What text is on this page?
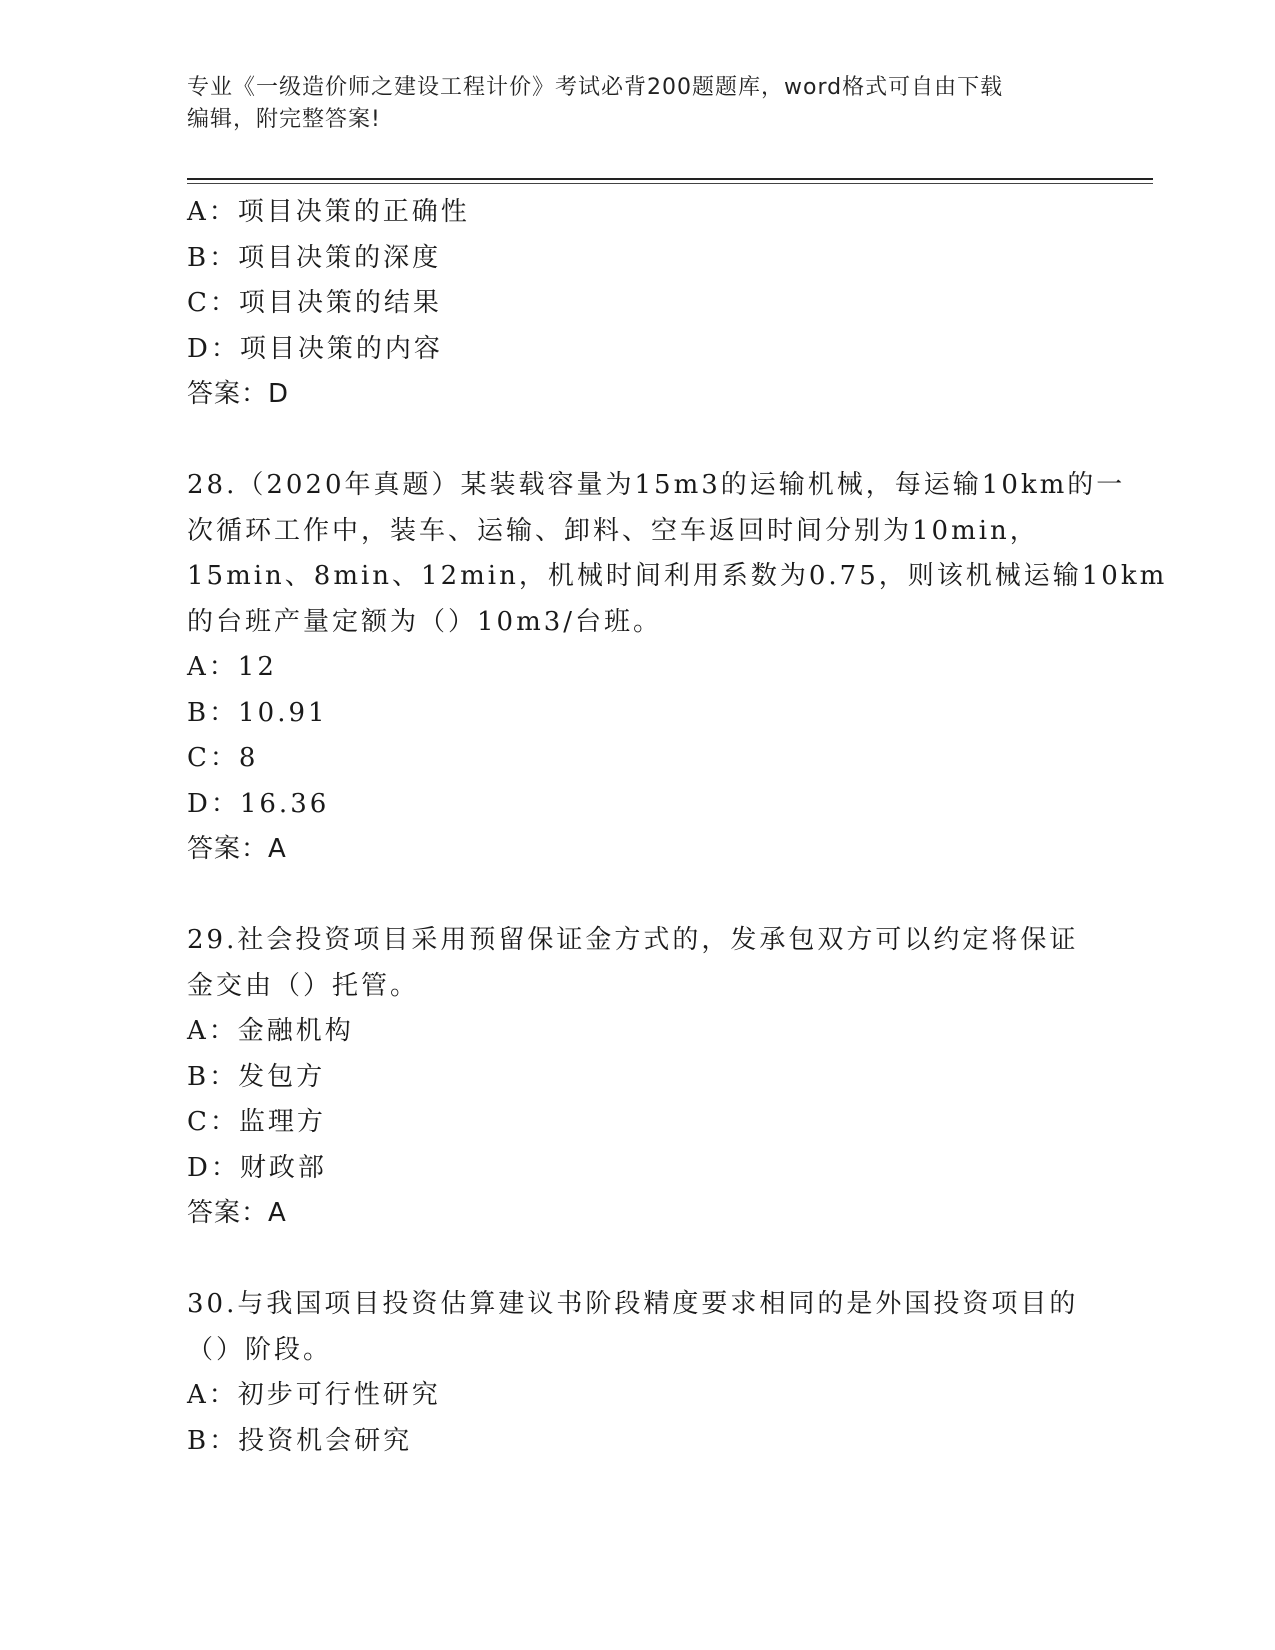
专业《一级造价师之建设工程计价》考试必背200题题库，word格式可自由下载
编辑，附完整答案!
A：项目决策的正确性
B：项目决策的深度
C：项目决策的结果
D：项目决策的内容
答案：D
28.（2020年真题）某装载容量为15m3的运输机械，每运输10km的一
次循环工作中，装车、运输、卸料、空车返回时间分别为10min，
15min、8min、12min，机械时间利用系数为0.75，则该机械运输10km
的台班产量定额为（）10m3/台班。
A：12
B：10.91
C：8
D：16.36
答案：A
29.社会投资项目采用预留保证金方式的，发承包双方可以约定将保证
金交由（）托管。
A：金融机构
B：发包方
C：监理方
D：财政部
答案：A
30.与我国项目投资估算建议书阶段精度要求相同的是外国投资项目的
（）阶段。
A：初步可行性研究
B：投资机会研究
